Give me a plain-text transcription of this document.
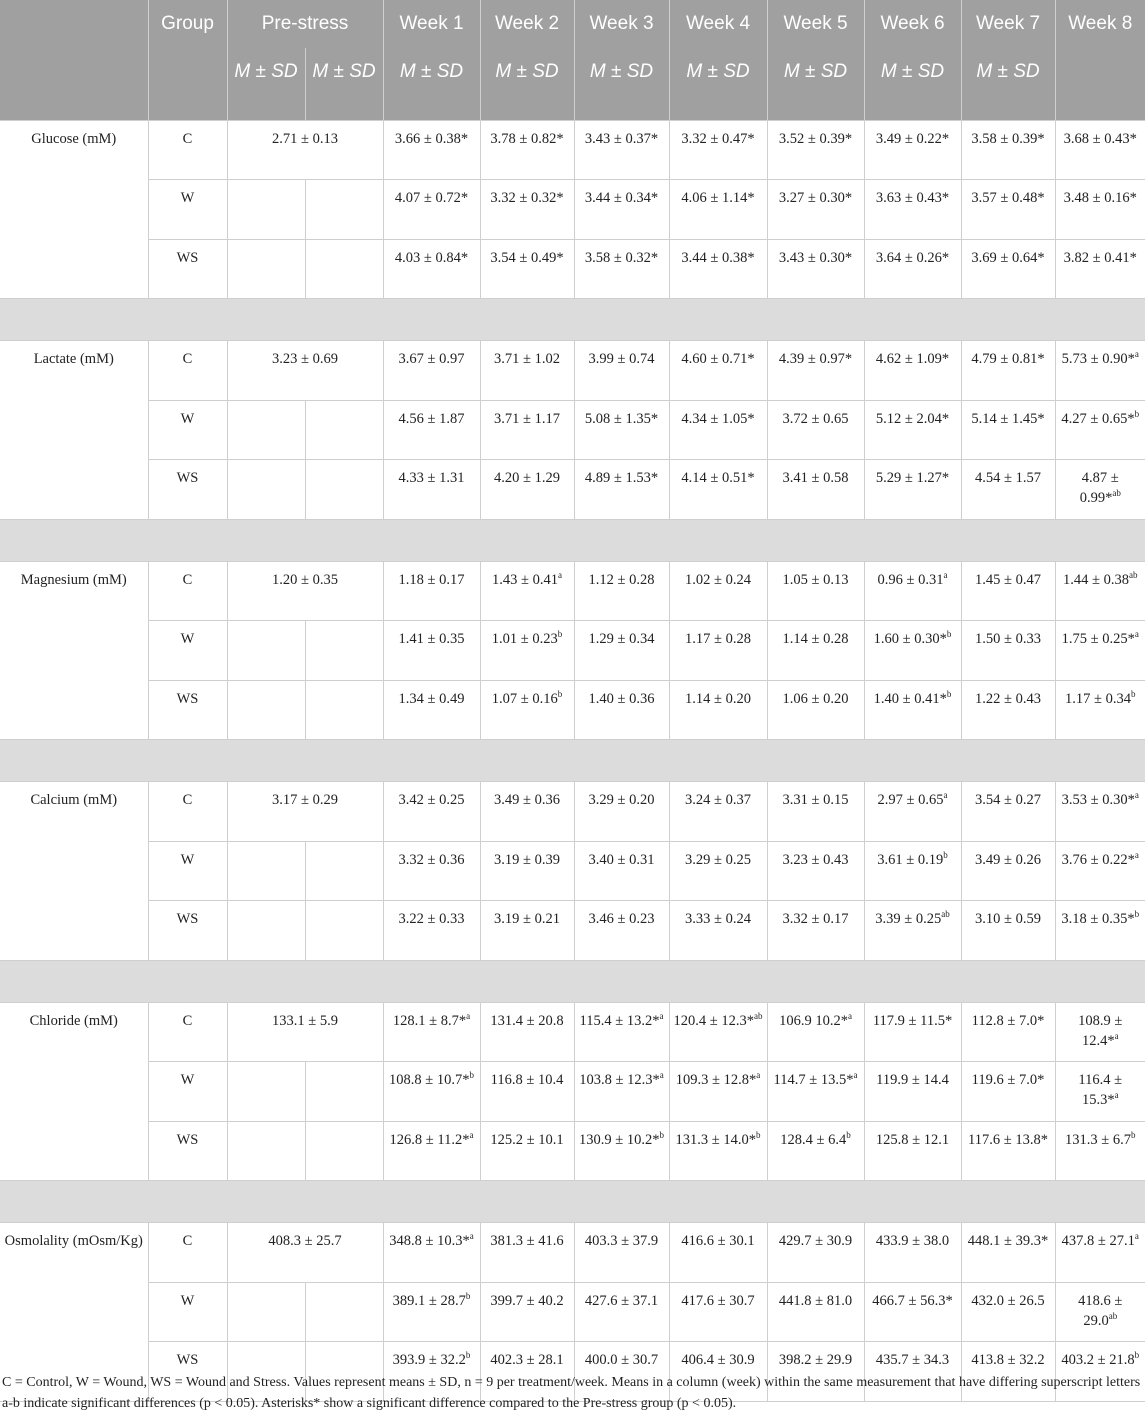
	Group	Pre-stress		Week 1	Week 2	Week 3	Week 4	Week 5	Week 6	Week 7	Week 8
		M ± SD	M ± SD	M ± SD	M ± SD	M ± SD	M ± SD	M ± SD	M ± SD	M ± SD	
Glucose (mM)	C	2.71 ± 0.13		3.66 ± 0.38*	3.78 ± 0.82*	3.43 ± 0.37*	3.32 ± 0.47*	3.52 ± 0.39*	3.49 ± 0.22*	3.58 ± 0.39*	3.68 ± 0.43*
	W			4.07 ± 0.72*	3.32 ± 0.32*	3.44 ± 0.34*	4.06 ± 1.14*	3.27 ± 0.30*	3.63 ± 0.43*	3.57 ± 0.48*	3.48 ± 0.16*
	WS			4.03 ± 0.84*	3.54 ± 0.49*	3.58 ± 0.32*	3.44 ± 0.38*	3.43 ± 0.30*	3.64 ± 0.26*	3.69 ± 0.64*	3.82 ± 0.41*

Lactate (mM)	C	3.23 ± 0.69		3.67 ± 0.97	3.71 ± 1.02	3.99 ± 0.74	4.60 ± 0.71*	4.39 ± 0.97*	4.62 ± 1.09*	4.79 ± 0.81*	5.73 ± 0.90*$^a$
	W			4.56 ± 1.87	3.71 ± 1.17	5.08 ± 1.35*	4.34 ± 1.05*	3.72 ± 0.65	5.12 ± 2.04*	5.14 ± 1.45*	4.27 ± 0.65*$^b$
	WS			4.33 ± 1.31	4.20 ± 1.29	4.89 ± 1.53*	4.14 ± 0.51*	3.41 ± 0.58	5.29 ± 1.27*	4.54 ± 1.57	4.87 ± 0.99*$^{ab}$

Magnesium (mM)	C	1.20 ± 0.35		1.18 ± 0.17	1.43 ± 0.41$^a$	1.12 ± 0.28	1.02 ± 0.24	1.05 ± 0.13	0.96 ± 0.31$^a$	1.45 ± 0.47	1.44 ± 0.38$^{ab}$
	W			1.41 ± 0.35	1.01 ± 0.23$^b$	1.29 ± 0.34	1.17 ± 0.28	1.14 ± 0.28	1.60 ± 0.30*$^b$	1.50 ± 0.33	1.75 ± 0.25*$^a$
	WS			1.34 ± 0.49	1.07 ± 0.16$^b$	1.40 ± 0.36	1.14 ± 0.20	1.06 ± 0.20	1.40 ± 0.41*$^b$	1.22 ± 0.43	1.17 ± 0.34$^b$

Calcium (mM)	C	3.17 ± 0.29		3.42 ± 0.25	3.49 ± 0.36	3.29 ± 0.20	3.24 ± 0.37	3.31 ± 0.15	2.97 ± 0.65$^a$	3.54 ± 0.27	3.53 ± 0.30*$^a$
	W			3.32 ± 0.36	3.19 ± 0.39	3.40 ± 0.31	3.29 ± 0.25	3.23 ± 0.43	3.61 ± 0.19$^b$	3.49 ± 0.26	3.76 ± 0.22*$^a$
	WS			3.22 ± 0.33	3.19 ± 0.21	3.46 ± 0.23	3.33 ± 0.24	3.32 ± 0.17	3.39 ± 0.25$^{ab}$	3.10 ± 0.59	3.18 ± 0.35*$^b$

Chloride (mM)	C	133.1 ± 5.9		128.1 ± 8.7*$^a$	131.4 ± 20.8	115.4 ± 13.2*$^a$	120.4 ± 12.3*$^{ab}$	106.9 10.2*$^a$	117.9 ± 11.5*	112.8 ± 7.0*	108.9 ± 12.4*$^a$
	W			108.8 ± 10.7*$^b$	116.8 ± 10.4	103.8 ± 12.3*$^a$	109.3 ± 12.8*$^a$	114.7 ± 13.5*$^a$	119.9 ± 14.4	119.6 ± 7.0*	116.4 ± 15.3*$^a$
	WS			126.8 ± 11.2*$^a$	125.2 ± 10.1	130.9 ± 10.2*$^b$	131.3 ± 14.0*$^b$	128.4 ± 6.4$^b$	125.8 ± 12.1	117.6 ± 13.8*	131.3 ± 6.7$^b$

Osmolality (mOsm/Kg)	C	408.3 ± 25.7		348.8 ± 10.3*$^a$	381.3 ± 41.6	403.3 ± 37.9	416.6 ± 30.1	429.7 ± 30.9	433.9 ± 38.0	448.1 ± 39.3*	437.8 ± 27.1$^a$
	W			389.1 ± 28.7$^b$	399.7 ± 40.2	427.6 ± 37.1	417.6 ± 30.7	441.8 ± 81.0	466.7 ± 56.3*	432.0 ± 26.5	418.6 ± 29.0$^{ab}$
	WS			393.9 ± 32.2$^b$	402.3 ± 28.1	400.0 ± 30.7	406.4 ± 30.9	398.2 ± 29.9	435.7 ± 34.3	413.8 ± 32.2	403.2 ± 21.8$^b$
C = Control, W = Wound, WS = Wound and Stress. Values represent means ± SD, n = 9 per treatment/week. Means in a column (week) within the same measurement that have differing superscript letters a-b indicate significant differences (p < 0.05). Asterisks* show a significant difference compared to the Pre-stress group (p < 0.05).
